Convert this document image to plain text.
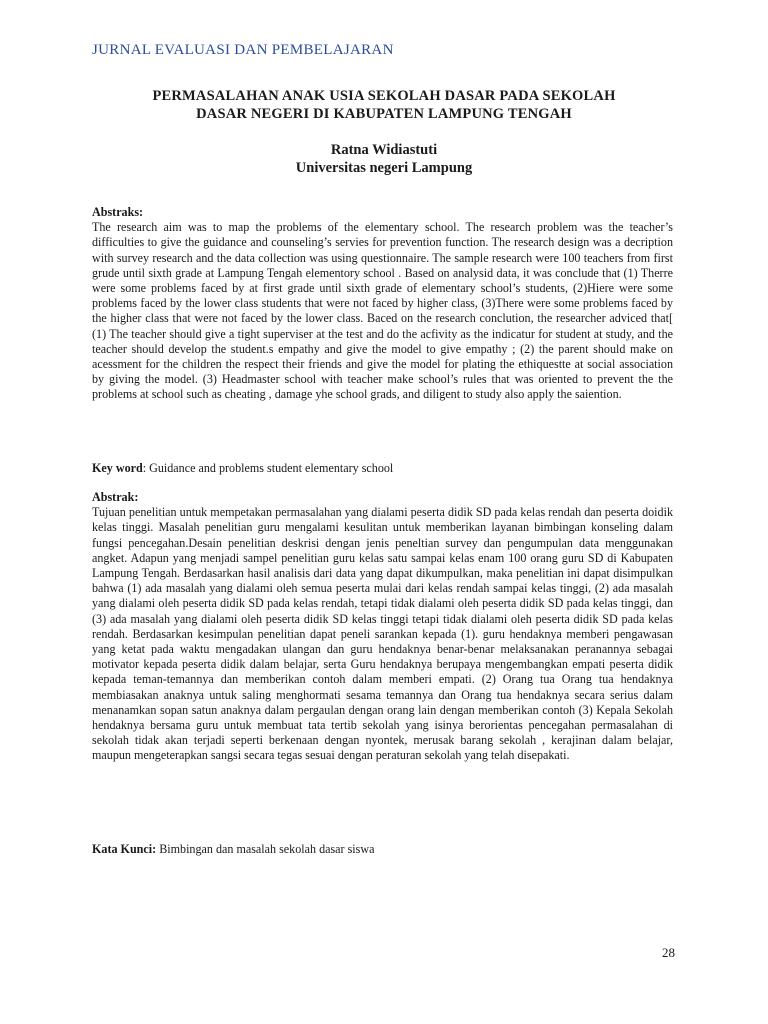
JURNAL EVALUASI DAN PEMBELAJARAN
PERMASALAHAN ANAK USIA SEKOLAH DASAR PADA SEKOLAH
DASAR NEGERI DI KABUPATEN LAMPUNG TENGAH
Ratna Widiastuti
Universitas negeri Lampung
Abstraks:
The research aim was to map the problems of the elementary school. The research problem was the teacher’s difficulties to give the guidance and counseling’s servies for prevention function. The research design was a decription with survey research and the data collection was using questionnaire. The sample research were 100 teachers from first grude until sixth grade at Lampung Tengah elementory school . Based on analysid data, it was conclude that (1) Therre were some problems faced by at first grade until sixth grade of elementary school’s students, (2)Hiere were some problems faced by the lower class students that were not faced by higher class, (3)There were some problems faced by the higher class that were not faced by the lower class. Baced on the research conclution, the researcher adviced that[ (1) The teacher should give a tight superviser at the test and do the acfivity as the indicatur for student at study, and the teacher should develop the student.s empathy and give the model to give empathy ; (2) the parent should make on acessment for the children the respect their friends and give the model for plating the ethiquestte at social association by giving the model. (3) Headmaster school with teacher make school’s rules that was oriented to prevent the the problems at school such as cheating , damage yhe school grads, and diligent to study also apply the saiention.
Key word: Guidance and problems student elementary school
Abstrak:
Tujuan penelitian untuk mempetakan permasalahan yang dialami peserta didik SD pada kelas rendah dan peserta doidik kelas tinggi. Masalah penelitian guru mengalami kesulitan untuk memberikan layanan bimbingan konseling dalam fungsi pencegahan.Desain penelitian deskrisi dengan jenis peneltian survey dan pengumpulan data menggunakan angket. Adapun yang menjadi sampel penelitian guru kelas satu sampai kelas enam 100 orang guru SD di Kabupaten Lampung Tengah. Berdasarkan hasil analisis dari data yang dapat dikumpulkan, maka penelitian ini dapat disimpulkan bahwa (1) ada masalah yang dialami oleh semua peserta mulai dari kelas rendah sampai kelas tinggi, (2) ada masalah yang dialami oleh peserta didik SD pada kelas rendah, tetapi tidak dialami oleh peserta didik SD pada kelas tinggi, dan (3) ada masalah yang dialami oleh peserta didik SD kelas tinggi tetapi tidak dialami oleh peserta didik SD pada kelas rendah. Berdasarkan kesimpulan penelitian dapat peneli sarankan kepada (1). guru hendaknya memberi pengawasan yang ketat pada waktu mengadakan ulangan dan guru hendaknya benar-benar melaksanakan peranannya sebagai motivator kepada peserta didik dalam belajar, serta Guru hendaknya berupaya mengembangkan empati peserta didik kepada teman-temannya dan memberikan contoh dalam memberi empati. (2) Orang tua Orang tua hendaknya membiasakan anaknya untuk saling menghormati sesama temannya dan Orang tua hendaknya secara serius dalam menanamkan sopan satun anaknya dalam pergaulan dengan orang lain dengan memberikan contoh (3) Kepala Sekolah hendaknya bersama guru untuk membuat tata tertib sekolah yang isinya berorientas pencegahan permasalahan di sekolah tidak akan terjadi seperti berkenaan dengan nyontek, merusak barang sekolah , kerajinan dalam belajar, maupun mengeterapkan sangsi secara tegas sesuai dengan peraturan sekolah yang telah disepakati.
Kata Kunci: Bimbingan dan masalah sekolah dasar siswa
28
